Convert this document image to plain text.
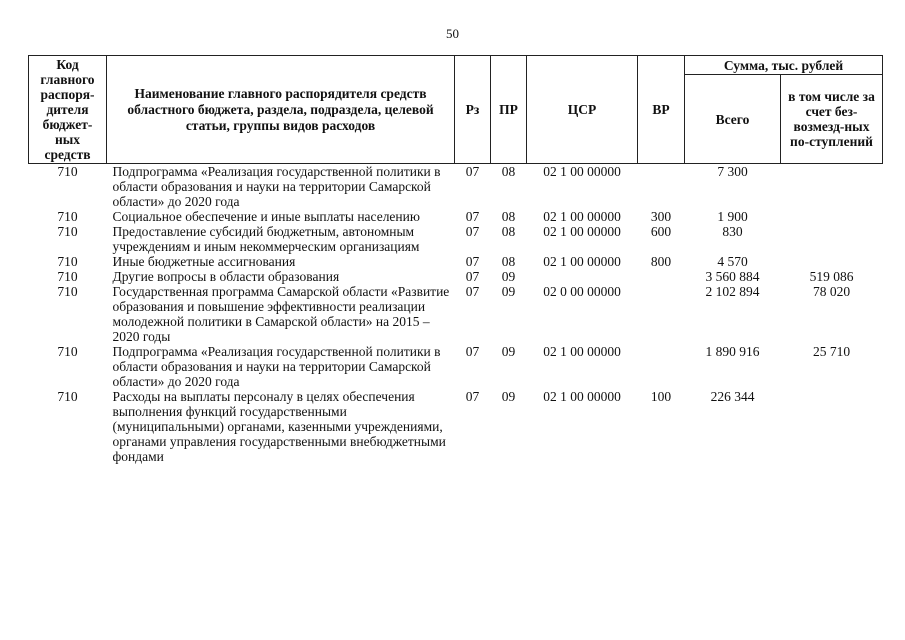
50
Код главного распоря-дителя бюджет-ных средств	Наименование главного распорядителя средств областного бюджета, раздела, подраздела, целевой статьи, группы видов расходов	Рз	ПР	ЦСР	ВР	Сумма, тыс. рублей	
						Всего	в том числе за счет без-возмезд-ных по-ступлений
710	Подпрограмма «Реализация государственной политики в области образования и науки на территории Самарской области» до 2020 года	07	08	02 1 00 00000		7 300	
710	Социальное обеспечение и иные выплаты населению	07	08	02 1 00 00000	300	1 900	
710	Предоставление субсидий бюджетным, автономным учреждениям и иным некоммерческим организациям	07	08	02 1 00 00000	600	830	
710	Иные бюджетные ассигнования	07	08	02 1 00 00000	800	4 570	
710	Другие вопросы в области образования	07	09			3 560 884	519 086
710	Государственная программа Самарской области «Развитие образования и повышение эффективности реализации молодежной политики в Самарской области» на 2015 – 2020 годы	07	09	02 0 00 00000		2 102 894	78 020
710	Подпрограмма «Реализация государственной политики в области образования и науки на территории Самарской области» до 2020 года	07	09	02 1 00 00000		1 890 916	25 710
710	Расходы на выплаты персоналу в целях обеспечения выполнения функций государственными (муниципальными) органами, казенными учреждениями, органами управления государственными внебюджетными фондами	07	09	02 1 00 00000	100	226 344	
